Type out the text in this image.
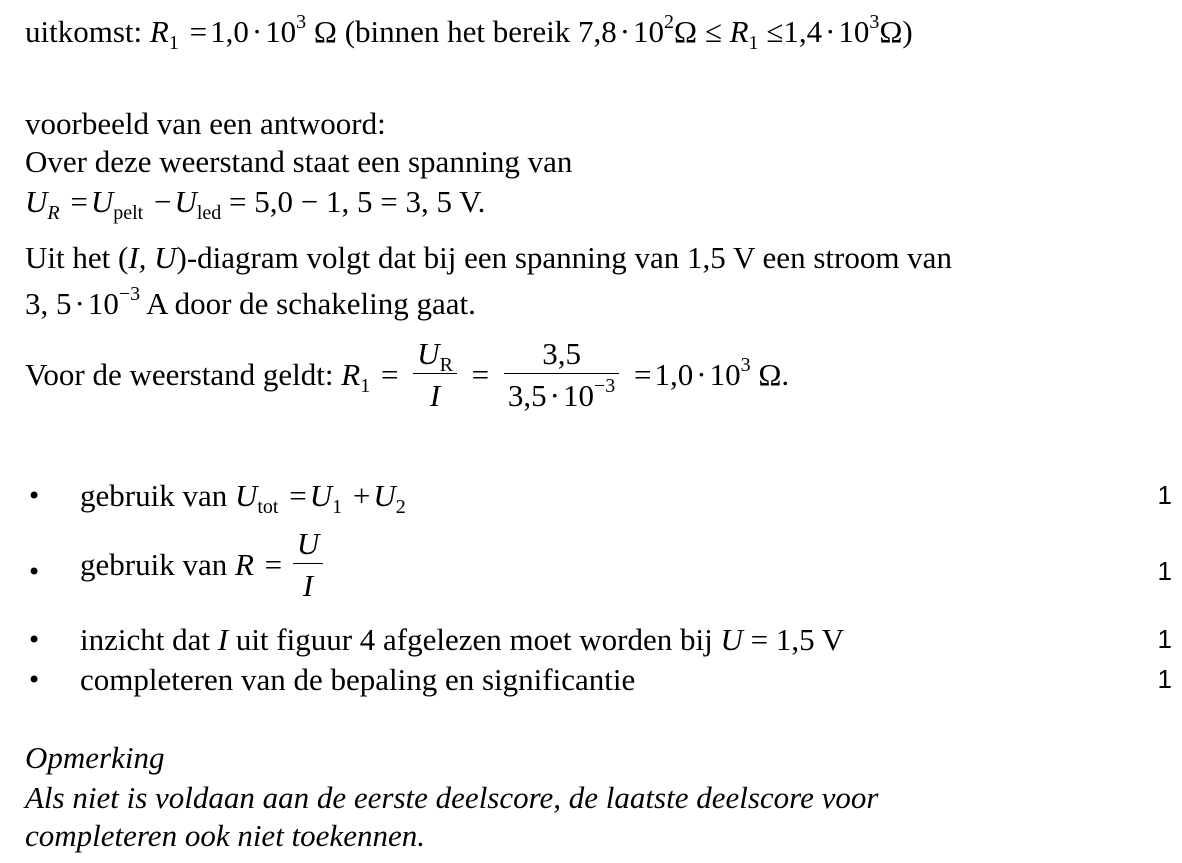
uitkomst: $R_1 =1,0\cdot 10^3$ Ω (binnen het bereik $7,8\cdot 10^2\Omega \le R_1 \le 1,4\cdot 10^3\Omega$)
voorbeeld van een antwoord:
Over deze weerstand staat een spanning van
$U_R =U_{pelt} -U_{led} = 5,0 - 1$, 5 = 3, 5 V.
Uit het (I, U)-diagram volgt dat bij een spanning van 1,5 V een stroom van
3, $5\cdot 10^{-3}$ A door de schakeling gaat.
Voor de weerstand geldt: $R_1 = \frac{U_R}{I} = \frac{3,5}{3,5\cdot 10^{-3}} =1,0\cdot 10^3$ Ω.
• gebruik van $U_{tot} =U_1 +U_2$	1
• gebruik van $R = \frac{U}{I}$	1
• inzicht dat I uit figuur 4 afgelezen moet worden bij U = 1,5 V	1
• completeren van de bepaling en significantie	1
Opmerking
Als niet is voldaan aan de eerste deelscore, de laatste deelscore voor
completeren ook niet toekennen.
